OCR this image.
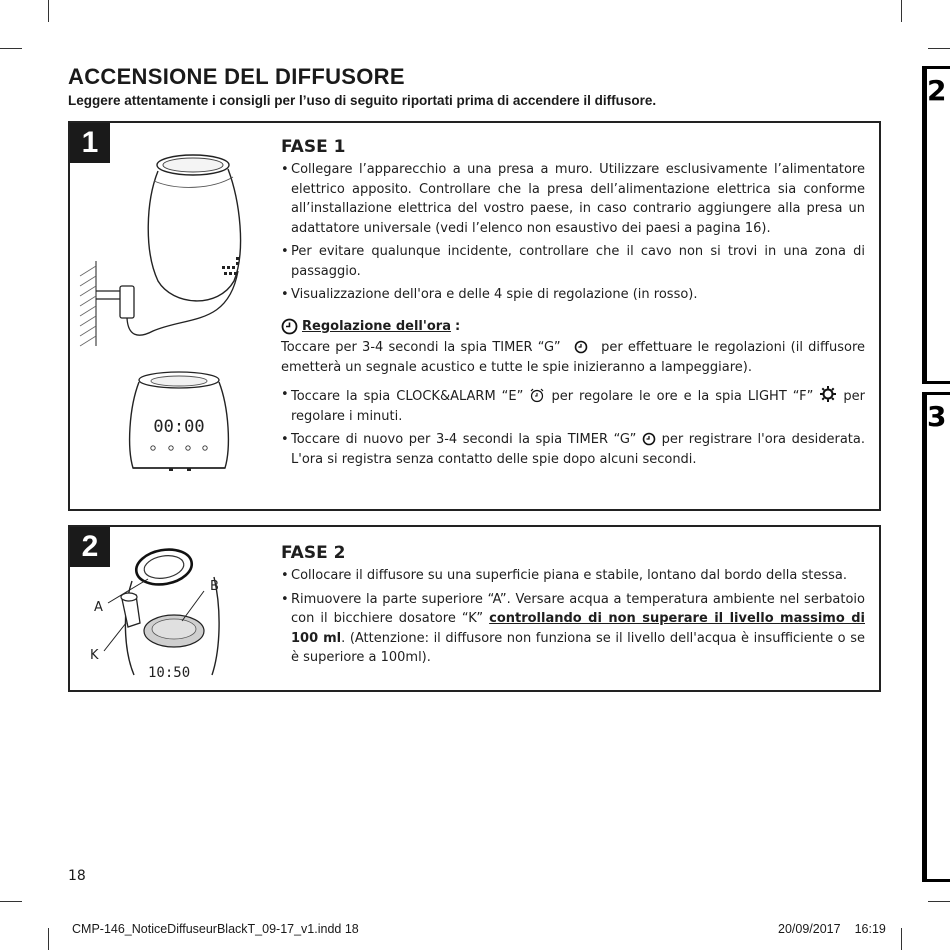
2
3
ACCENSIONE DEL DIFFUSORE
Leggere attentamente i consigli per l’uso di seguito riportati prima di accendere il diffusore.
1
00:00
FASE 1
• Collegare l’apparecchio a una presa a muro. Utilizzare esclusivamente l’alimentatore elettrico apposito. Controllare che la presa dell’alimentazione elettrica sia conforme all’installazione elettrica del vostro paese, in caso contrario aggiungere alla presa un adattatore universale (vedi l’elenco non esaustivo dei paesi a pagina 16).
• Per evitare qualunque incidente, controllare che il cavo non si trovi in una zona di passaggio.
• Visualizzazione dell'ora e delle 4 spie di regolazione (in rosso).
Regolazione dell'ora :
Toccare per 3-4 secondi la spia TIMER “G”	per effettuare le regolazioni (il diffusore emetterà un segnale acustico e tutte le spie inizieranno a lampeggiare).
• Toccare la spia CLOCK&ALARM “E” per regolare le ore e la spia LIGHT “F” per regolare i minuti.
• Toccare di nuovo per 3-4 secondi la spia TIMER “G” per registrare l'ora desiderata. L'ora si registra senza contatto delle spie dopo alcuni secondi.
2
A
B
K
10:50
FASE 2
• Collocare il diffusore su una superficie piana e stabile, lontano dal bordo della stessa.
• Rimuovere la parte superiore “A”. Versare acqua a temperatura ambiente nel serbatoio con il bicchiere dosatore “K” controllando di non superare il livello massimo di 100 ml. (Attenzione: il diffusore non funziona se il livello dell'acqua è insufficiente o se è superiore a 100ml).
18
CMP-146_NoticeDiffuseurBlackT_09-17_v1.indd 18	20/09/2017 16:19
